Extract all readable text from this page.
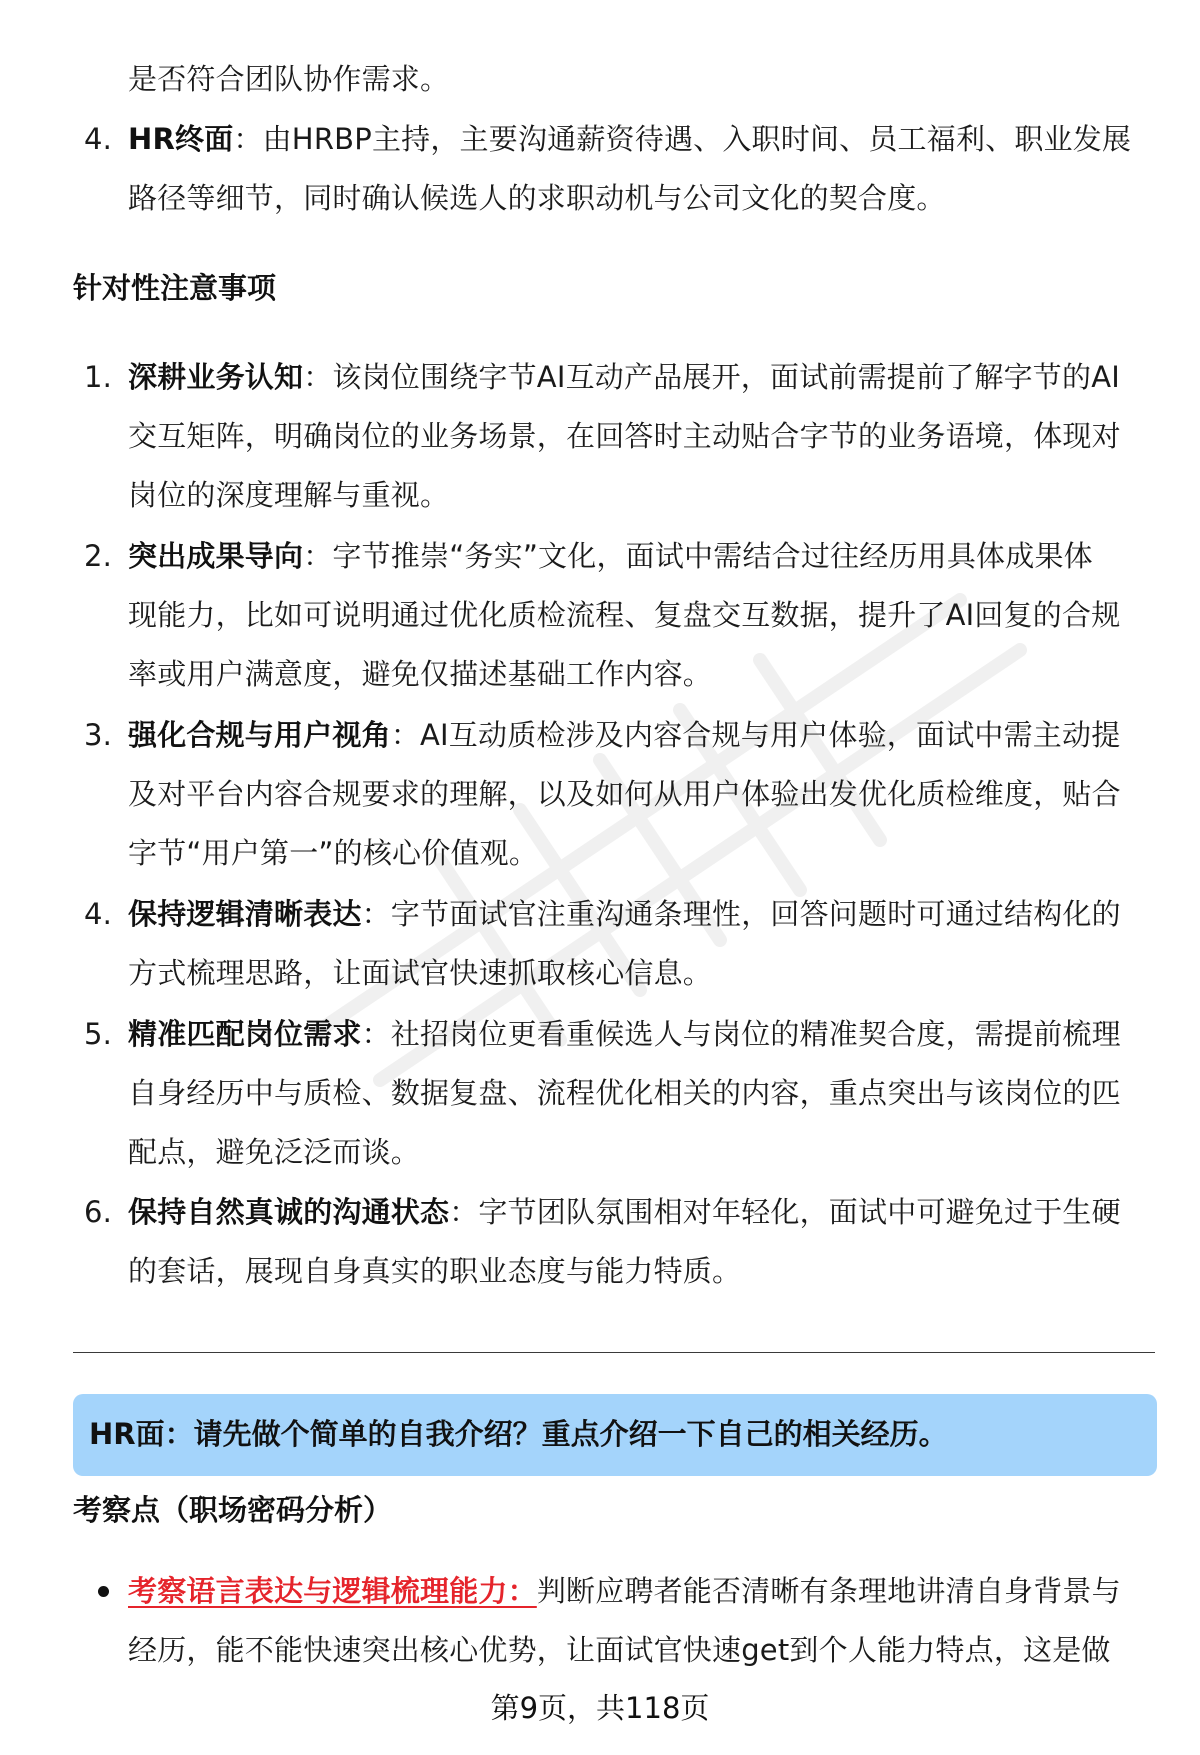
是否符合团队协作需求。
4. HR终面：由HRBP主持，主要沟通薪资待遇、入职时间、员工福利、职业发展
路径等细节，同时确认候选人的求职动机与公司文化的契合度。
针对性注意事项
1. 深耕业务认知：该岗位围绕字节AI互动产品展开，面试前需提前了解字节的AI
交互矩阵，明确岗位的业务场景，在回答时主动贴合字节的业务语境，体现对
岗位的深度理解与重视。
2. 突出成果导向：字节推崇“务实”文化，面试中需结合过往经历用具体成果体
现能力，比如可说明通过优化质检流程、复盘交互数据，提升了AI回复的合规
率或用户满意度，避免仅描述基础工作内容。
3. 强化合规与用户视角：AI互动质检涉及内容合规与用户体验，面试中需主动提
及对平台内容合规要求的理解，以及如何从用户体验出发优化质检维度，贴合
字节“用户第一”的核心价值观。
4. 保持逻辑清晰表达：字节面试官注重沟通条理性，回答问题时可通过结构化的
方式梳理思路，让面试官快速抓取核心信息。
5. 精准匹配岗位需求：社招岗位更看重候选人与岗位的精准契合度，需提前梳理
自身经历中与质检、数据复盘、流程优化相关的内容，重点突出与该岗位的匹
配点，避免泛泛而谈。
6. 保持自然真诚的沟通状态：字节团队氛围相对年轻化，面试中可避免过于生硬
的套话，展现自身真实的职业态度与能力特质。
HR面：请先做个简单的自我介绍？重点介绍一下自己的相关经历。
考察点（职场密码分析）
考察语言表达与逻辑梳理能力：判断应聘者能否清晰有条理地讲清自身背景与
经历，能不能快速突出核心优势，让面试官快速get到个人能力特点，这是做
第9页，共118页
